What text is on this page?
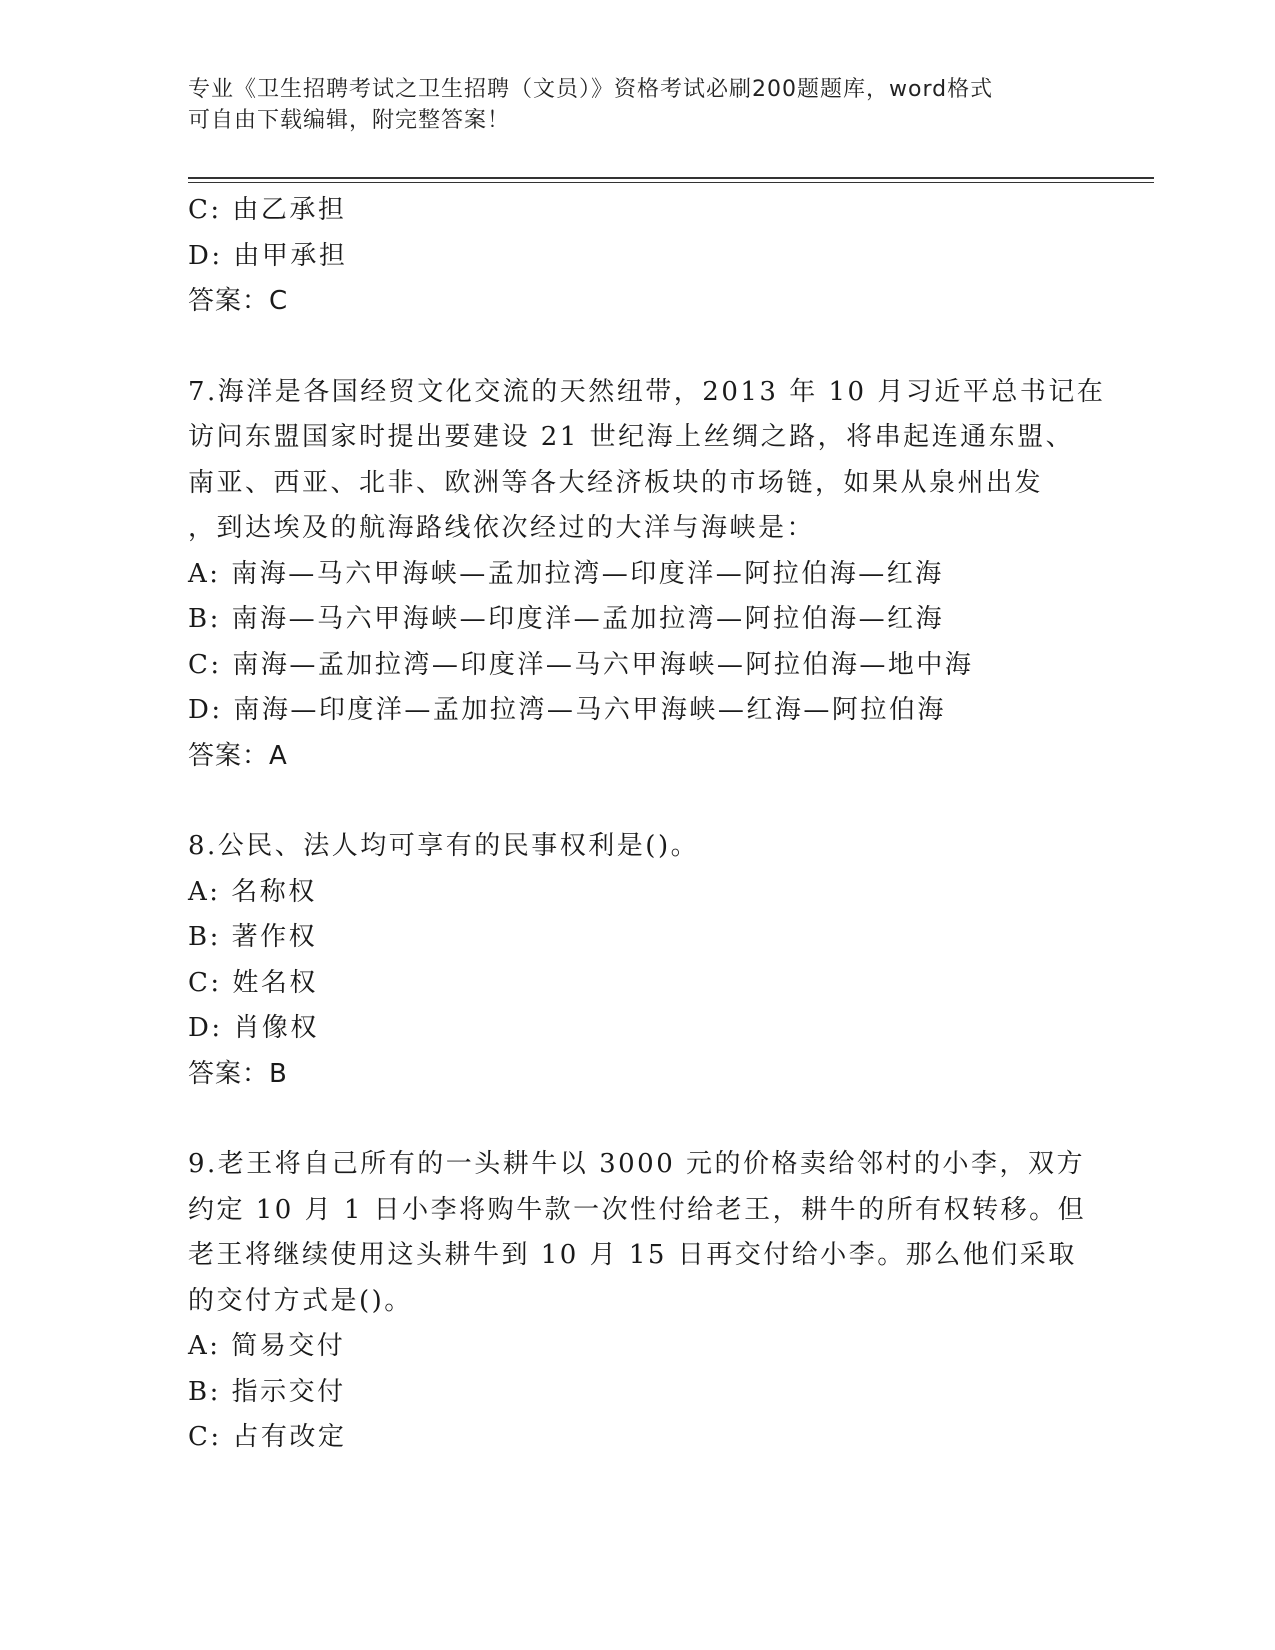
专业《卫生招聘考试之卫生招聘（文员）》资格考试必刷200题题库，word格式
可自由下载编辑，附完整答案！
C: 由乙承担
D: 由甲承担
答案：C
7.海洋是各国经贸文化交流的天然纽带，2013 年 10 月习近平总书记在
访问东盟国家时提出要建设 21 世纪海上丝绸之路，将串起连通东盟、
南亚、西亚、北非、欧洲等各大经济板块的市场链，如果从泉州出发
，到达埃及的航海路线依次经过的大洋与海峡是：
A: 南海—马六甲海峡—孟加拉湾—印度洋—阿拉伯海—红海
B: 南海—马六甲海峡—印度洋—孟加拉湾—阿拉伯海—红海
C: 南海—孟加拉湾—印度洋—马六甲海峡—阿拉伯海—地中海
D: 南海—印度洋—孟加拉湾—马六甲海峡—红海—阿拉伯海
答案：A
8.公民、法人均可享有的民事权利是()。
A: 名称权
B: 著作权
C: 姓名权
D: 肖像权
答案：B
9.老王将自己所有的一头耕牛以 3000 元的价格卖给邻村的小李，双方
约定 10 月 1 日小李将购牛款一次性付给老王，耕牛的所有权转移。但
老王将继续使用这头耕牛到 10 月 15 日再交付给小李。那么他们采取
的交付方式是()。
A: 简易交付
B: 指示交付
C: 占有改定
